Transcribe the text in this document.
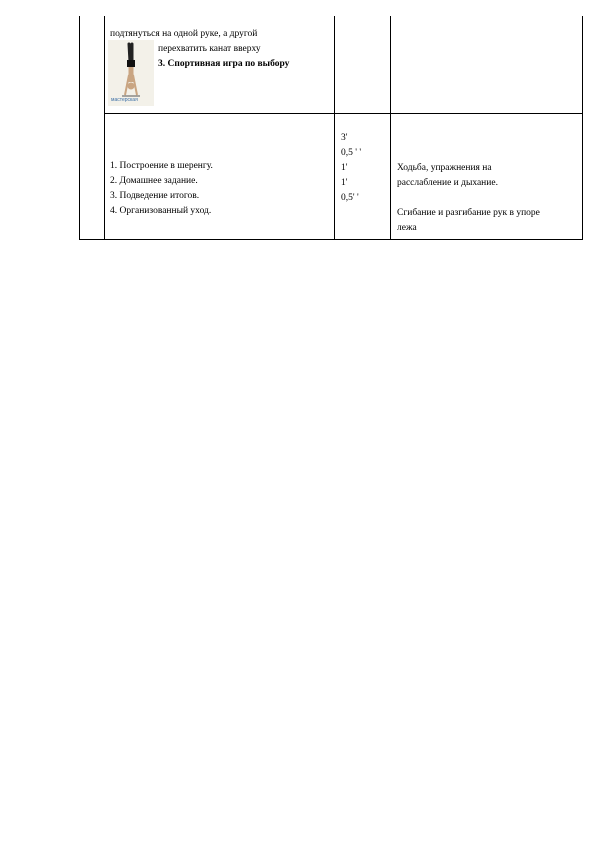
подтянуться на одной руке, а другой
перехватить канат вверху
3. Спортивная игра по выбору
мастерская
1. Построение в шеренгу.
2. Домашнее задание.
3. Подведение итогов.
4. Организованный уход.
3'
0,5 ' '
1'
1'
0,5' '
Ходьба, упражнения на
расслабление и дыхание.
Сгибание и разгибание рук в упоре
лежа
